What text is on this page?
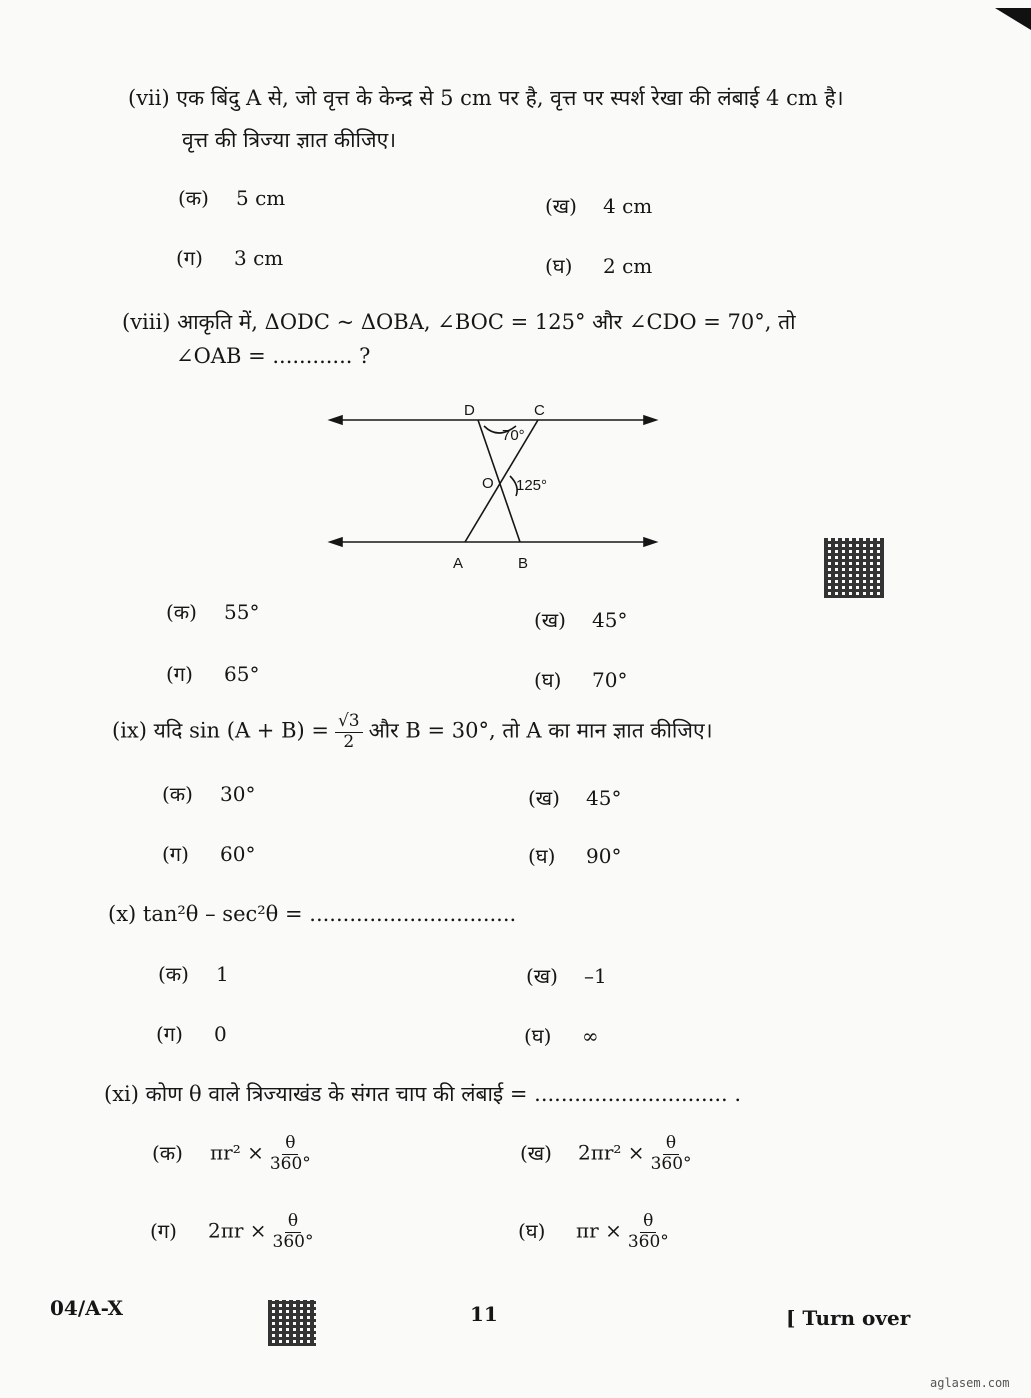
(vii) एक बिंदु A से, जो वृत्त के केन्द्र से 5 cm पर है, वृत्त पर स्पर्श रेखा की लंबाई 4 cm है।
वृत्त की त्रिज्या ज्ञात कीजिए।
(क) 5 cm	(ख) 4 cm
(ग) 3 cm	(घ) 2 cm
(viii) आकृति में, ΔODC ~ ΔOBA, ∠BOC = 125° और ∠CDO = 70°, तो
∠OAB = ............ ?
D	C
O
A	B
70°
125°
(क) 55°	(ख) 45°
(ग) 65°	(घ) 70°
(ix) यदि $\sin (A + B) = \frac{√3}{2}$ और B = 30°, तो A का मान ज्ञात कीजिए।
(क) 30°	(ख) 45°
(ग) 60°	(घ) 90°
(x) tan²θ – sec²θ = ...............................
(क) 1	(ख) –1
(ग) 0	(घ) ∞
(xi) कोण θ वाले त्रिज्याखंड के संगत चाप की लंबाई = ............................. .
(क) $\pi r^2 \times \frac{\theta}{360^\circ}$	(ख) $2\pi r^2 \times \frac{\theta}{360^\circ}$
(ग) $2\pi r \times \frac{\theta}{360^\circ}$	(घ) $\pi r \times \frac{\theta}{360^\circ}$
04/A-X	11	[ Turn over
aglasem.com
